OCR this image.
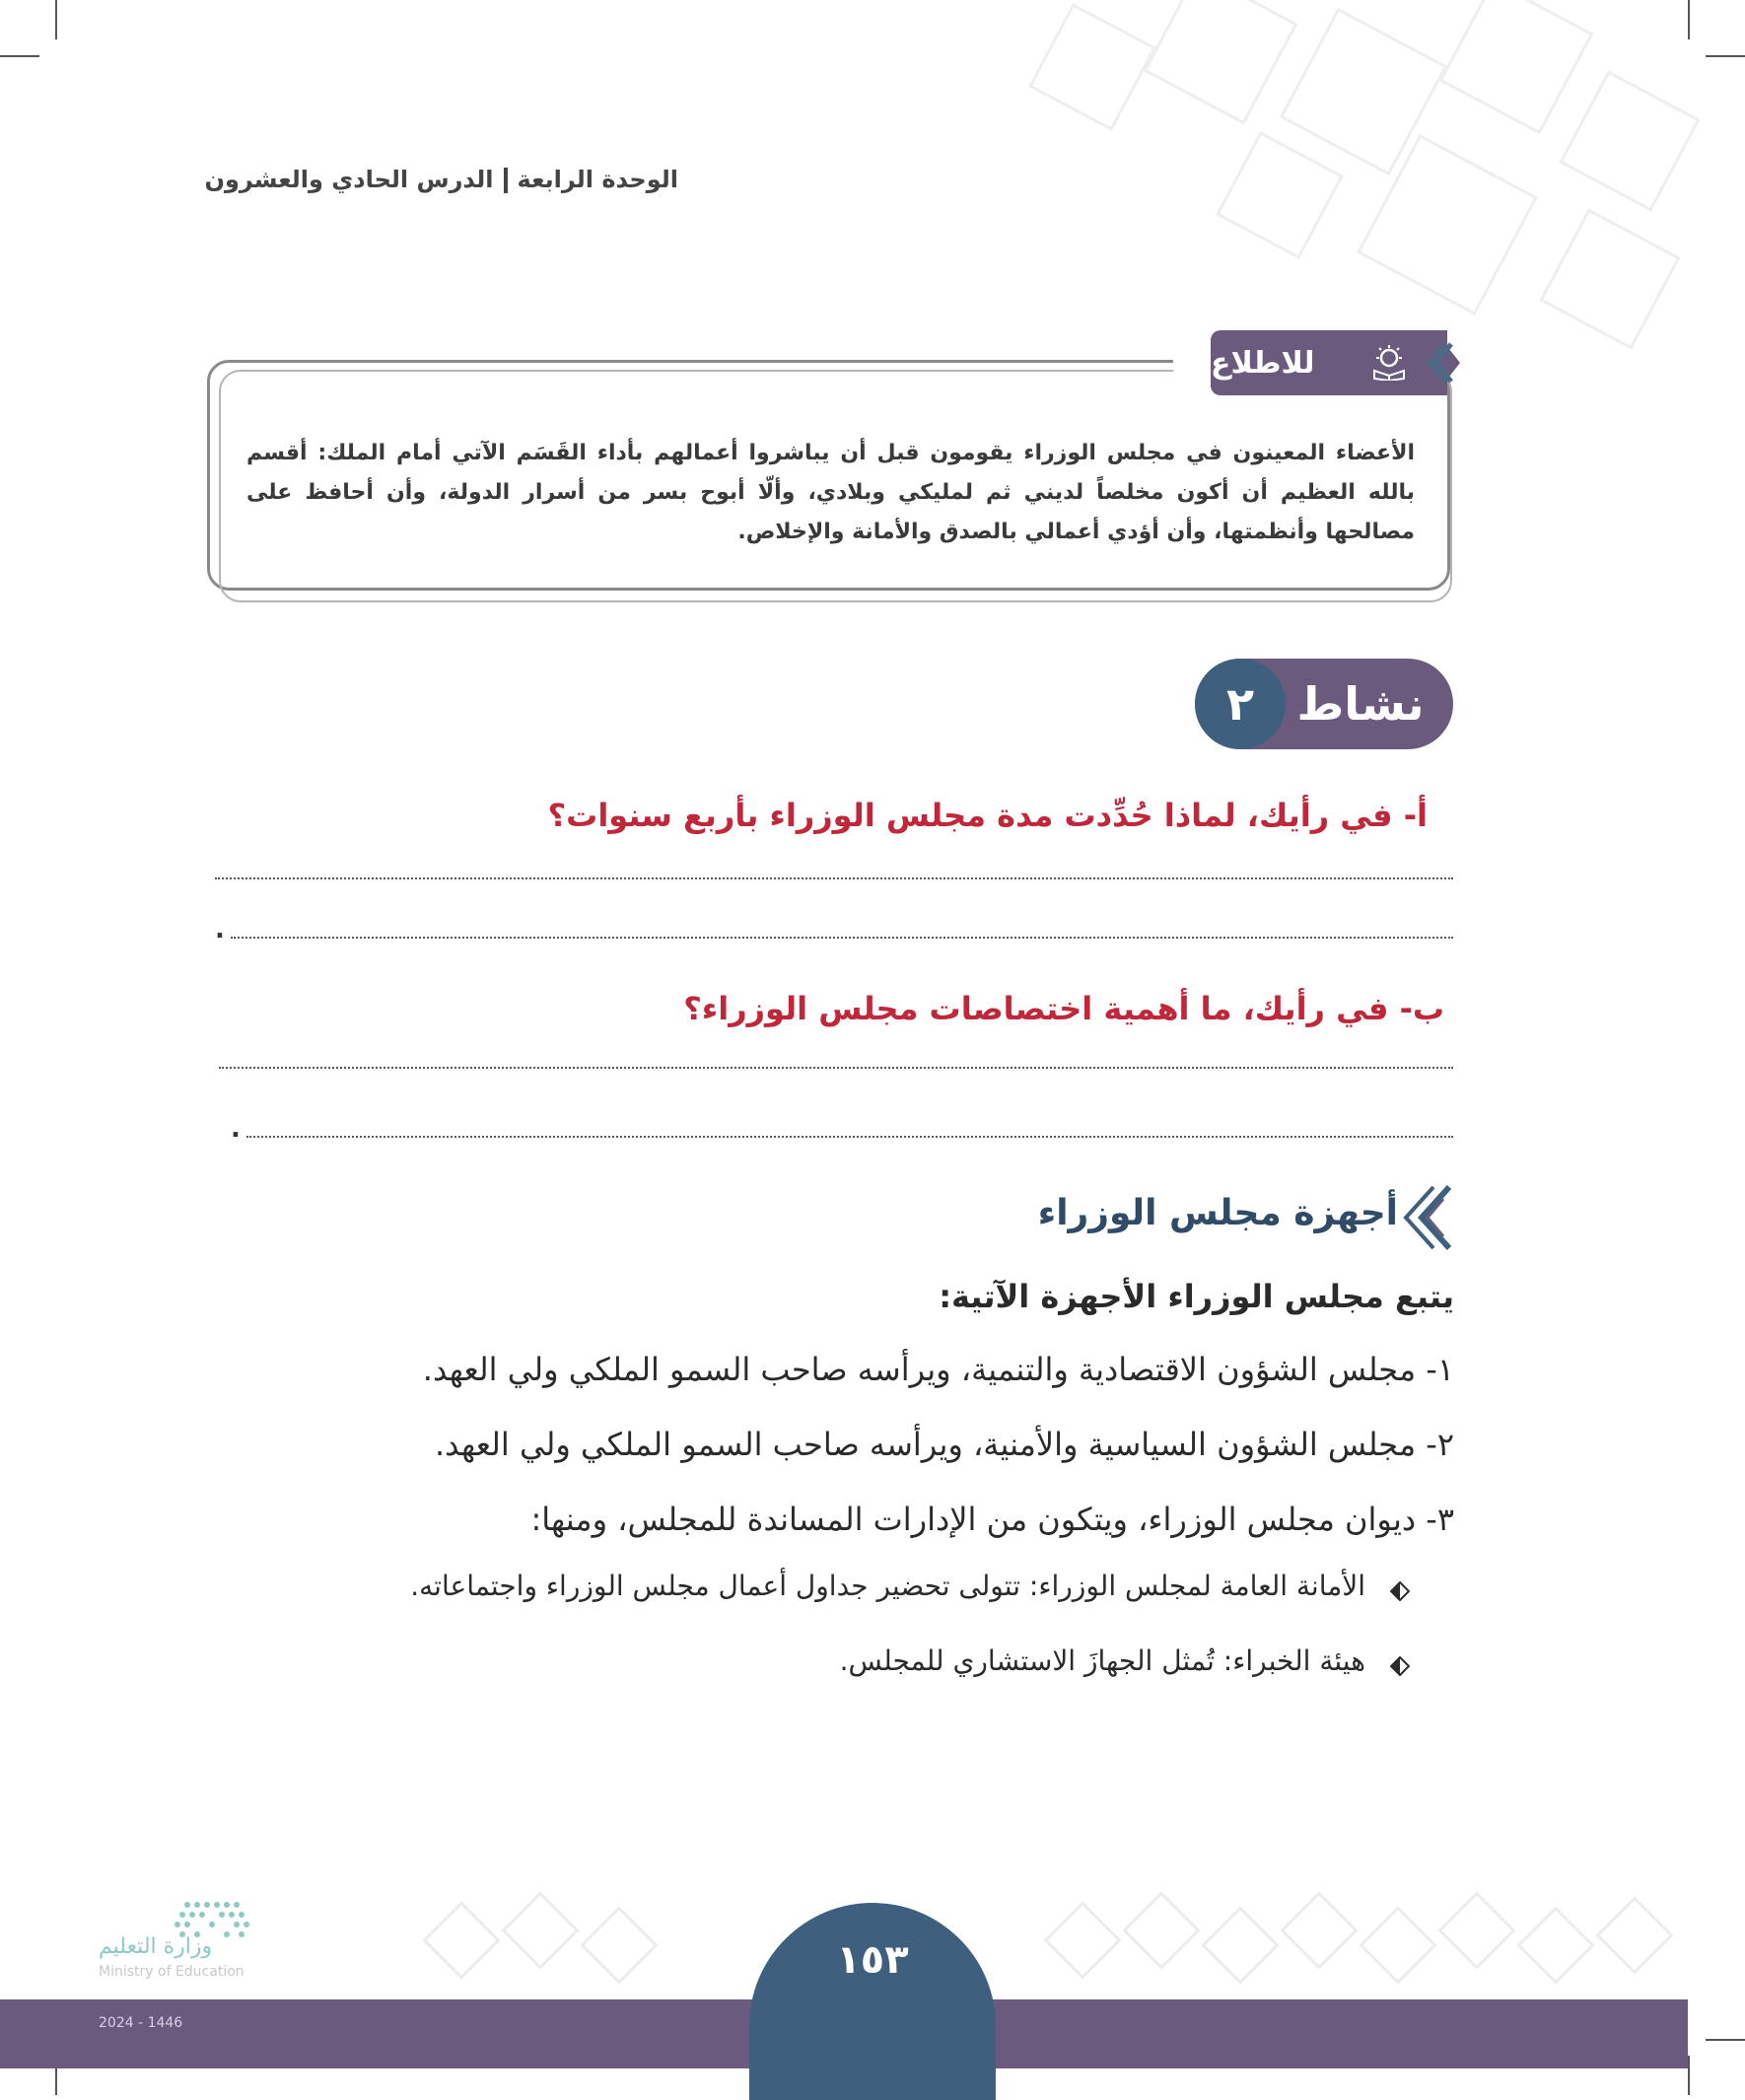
الوحدة الرابعةالدرس الحادي والعشرون
للاطلاع
الأعضاء المعينون في مجلس الوزراء يقومون قبل أن يباشروا أعمالهم بأداء القَسَم الآتي أمام الملك: أقسم بالله العظيم أن أكون مخلصاً لديني ثم لمليكي وبلادي، وألّا أبوح بسر من أسرار الدولة، وأن أحافظ على مصالحها وأنظمتها، وأن أؤدي أعمالي بالصدق والأمانة والإخلاص.
نشاط
٢
أ- في رأيك، لماذا حُدِّدت مدة مجلس الوزراء بأربع سنوات؟
.
ب- في رأيك، ما أهمية اختصاصات مجلس الوزراء؟
.
أجهزة مجلس الوزراء
يتبع مجلس الوزراء الأجهزة الآتية:
١- مجلس الشؤون الاقتصادية والتنمية، ويرأسه صاحب السمو الملكي ولي العهد.
٢- مجلس الشؤون السياسية والأمنية، ويرأسه صاحب السمو الملكي ولي العهد.
٣- ديوان مجلس الوزراء، ويتكون من الإدارات المساندة للمجلس، ومنها:
الأمانة العامة لمجلس الوزراء: تتولى تحضير جداول أعمال مجلس الوزراء واجتماعاته.
هيئة الخبراء: تُمثل الجهازَ الاستشاري للمجلس.
١٥٣
وزارة التعليم
Ministry of Education
2024 - 1446
